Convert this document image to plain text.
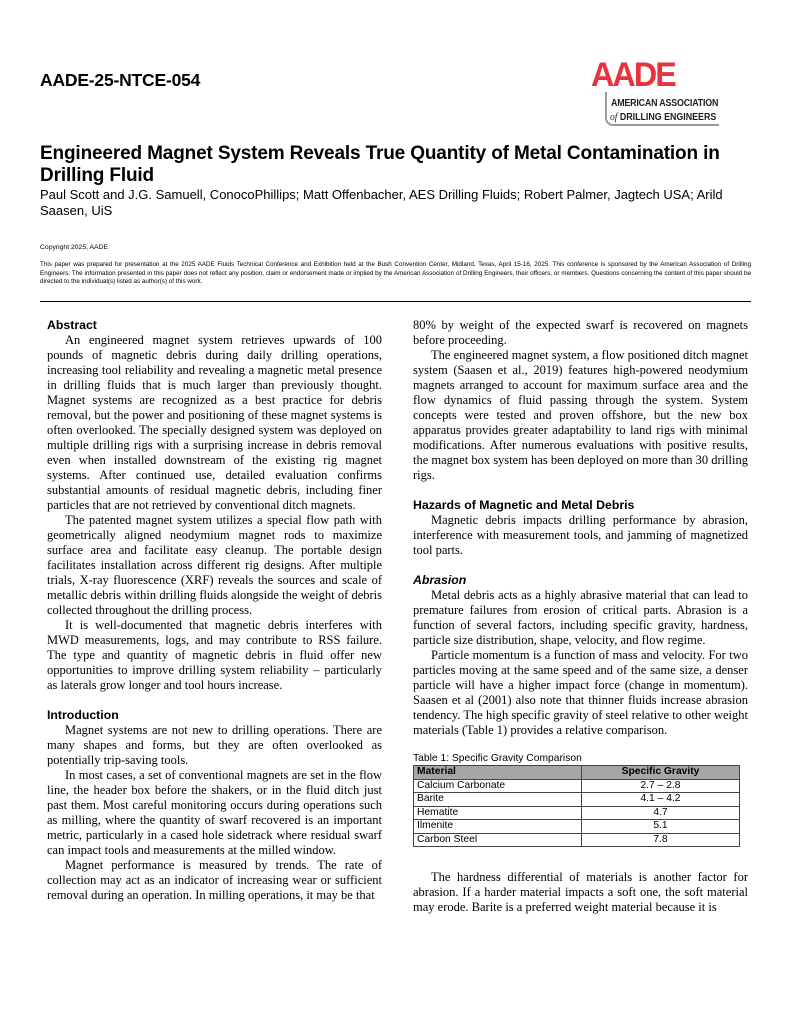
AADE-25-NTCE-054	AADE
AMERICAN ASSOCIATION
of DRILLING ENGINEERS
Engineered Magnet System Reveals True Quantity of Metal Contamination in Drilling Fluid
Paul Scott and J.G. Samuell, ConocoPhillips; Matt Offenbacher, AES Drilling Fluids; Robert Palmer, Jagtech USA; Arild Saasen, UiS
Copyright 2025, AADE
This paper was prepared for presentation at the 2025 AADE Fluids Technical Conference and Exhibition held at the Bush Convention Center, Midland, Texas, April 15-16, 2025. This conference is sponsored by the American Association of Drilling Engineers. The information presented in this paper does not reflect any position, claim or endorsement made or implied by the American Association of Drilling Engineers, their officers, or members. Questions concerning the content of this paper should be directed to the individual(s) listed as author(s) of this work.
Abstract

An engineered magnet system retrieves upwards of 100 pounds of magnetic debris during daily drilling operations, increasing tool reliability and revealing a magnetic metal presence in drilling fluids that is much larger than previously thought. Magnet systems are recognized as a best practice for debris removal, but the power and positioning of these magnet systems is often overlooked. The specially designed system was deployed on multiple drilling rigs with a surprising increase in debris removal even when installed downstream of the existing rig magnet systems. After continued use, detailed evaluation confirms substantial amounts of residual magnetic debris, including finer particles that are not retrieved by conventional ditch magnets.

The patented magnet system utilizes a special flow path with geometrically aligned neodymium magnet rods to maximize surface area and facilitate easy cleanup. The portable design facilitates installation across different rig designs. After multiple trials, X-ray fluorescence (XRF) reveals the sources and scale of metallic debris within drilling fluids alongside the weight of debris collected throughout the drilling process.

It is well-documented that magnetic debris interferes with MWD measurements, logs, and may contribute to RSS failure. The type and quantity of magnetic debris in fluid offer new opportunities to improve drilling system reliability – particularly as laterals grow longer and tool hours increase.

Introduction

Magnet systems are not new to drilling operations. There are many shapes and forms, but they are often overlooked as potentially trip-saving tools.

In most cases, a set of conventional magnets are set in the flow line, the header box before the shakers, or in the fluid ditch just past them. Most careful monitoring occurs during operations such as milling, where the quantity of swarf recovered is an important metric, particularly in a cased hole sidetrack where residual swarf can impact tools and measurements at the milled window.

Magnet performance is measured by trends. The rate of collection may act as an indicator of increasing wear or sufficient removal during an operation. In milling operations, it may be that

80% by weight of the expected swarf is recovered on magnets before proceeding.

The engineered magnet system, a flow positioned ditch magnet system (Saasen et al., 2019) features high-powered neodymium magnets arranged to account for maximum surface area and the flow dynamics of fluid passing through the system. System concepts were tested and proven offshore, but the new box apparatus provides greater adaptability to land rigs with minimal modifications. After numerous evaluations with positive results, the magnet box system has been deployed on more than 30 drilling rigs.

Hazards of Magnetic and Metal Debris

Magnetic debris impacts drilling performance by abrasion, interference with measurement tools, and jamming of magnetized tool parts.

Abrasion

Metal debris acts as a highly abrasive material that can lead to premature failures from erosion of critical parts. Abrasion is a function of several factors, including specific gravity, hardness, particle size distribution, shape, velocity, and flow regime.

Particle momentum is a function of mass and velocity. For two particles moving at the same speed and of the same size, a denser particle will have a higher impact force (change in momentum). Saasen et al (2001) also note that thinner fluids increase abrasion tendency. The high specific gravity of steel relative to other weight materials (Table 1) provides a relative comparison.

Table 1: Specific Gravity Comparison
Material	Specific Gravity
Calcium Carbonate	2.7 – 2.8
Barite	4.1 – 4.2
Hematite	4.7
Ilmenite	5.1
Carbon Steel	7.8

The hardness differential of materials is another factor for abrasion. If a harder material impacts a soft one, the soft material may erode. Barite is a preferred weight material because it is
